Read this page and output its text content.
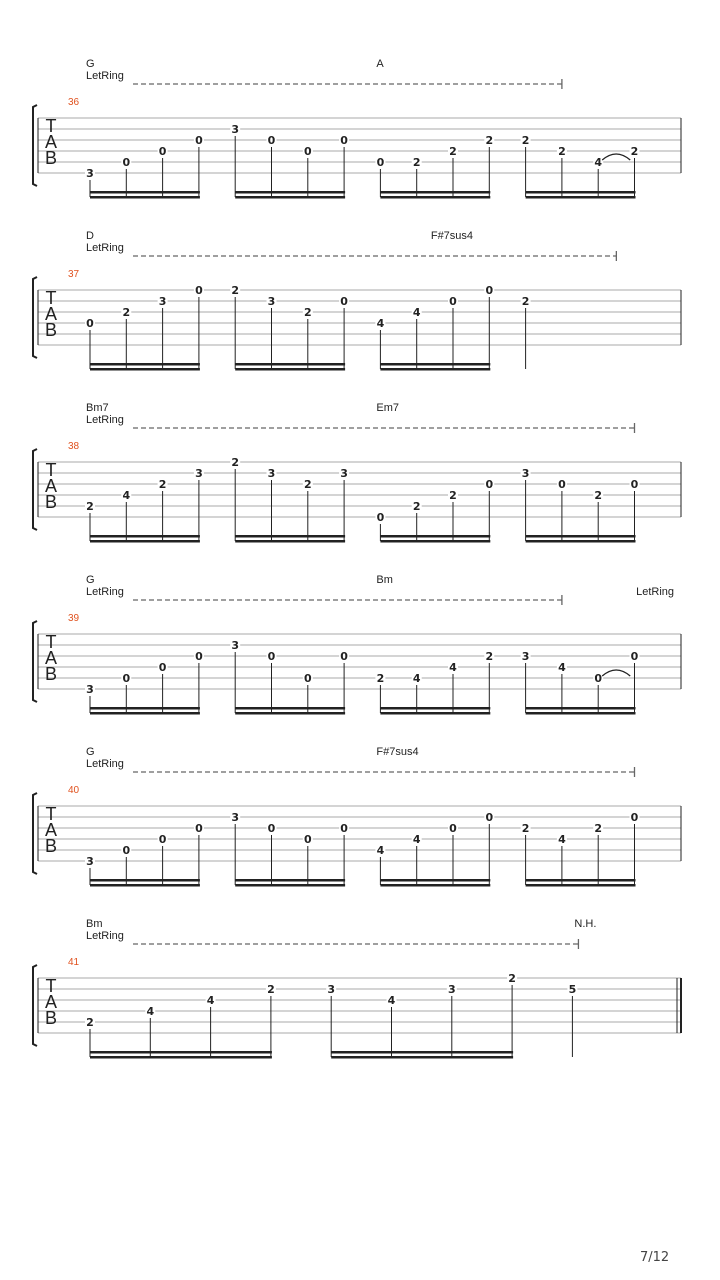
T
A
B
36
G	A
LetRing
3
0
0
0
3
0
0
0
0	2
2
2	2
2
4
2
T
A
B
37
D	F#7sus4
LetRing
0
2
3
0	2
3
2
0
4
4
0
0
2
T
A
B
38
Bm7	Em7
LetRing
2
4
2
3
2
3
2
3
0
2
2
0
3
0
2
0
T
A
B
39
G	Bm
LetRing	LetRing
3
0
0
0
3
0
0
0
2	4
4
2	3
4
0
0
T
A
B
40
G	F#7sus4
LetRing
3
0
0
0
3
0
0
0
4
4
0
0
2
4
2
0
T
A
B
41
Bm
LetRing
N.H.
2
4
4
2	3
4
3
2
5
7/12
